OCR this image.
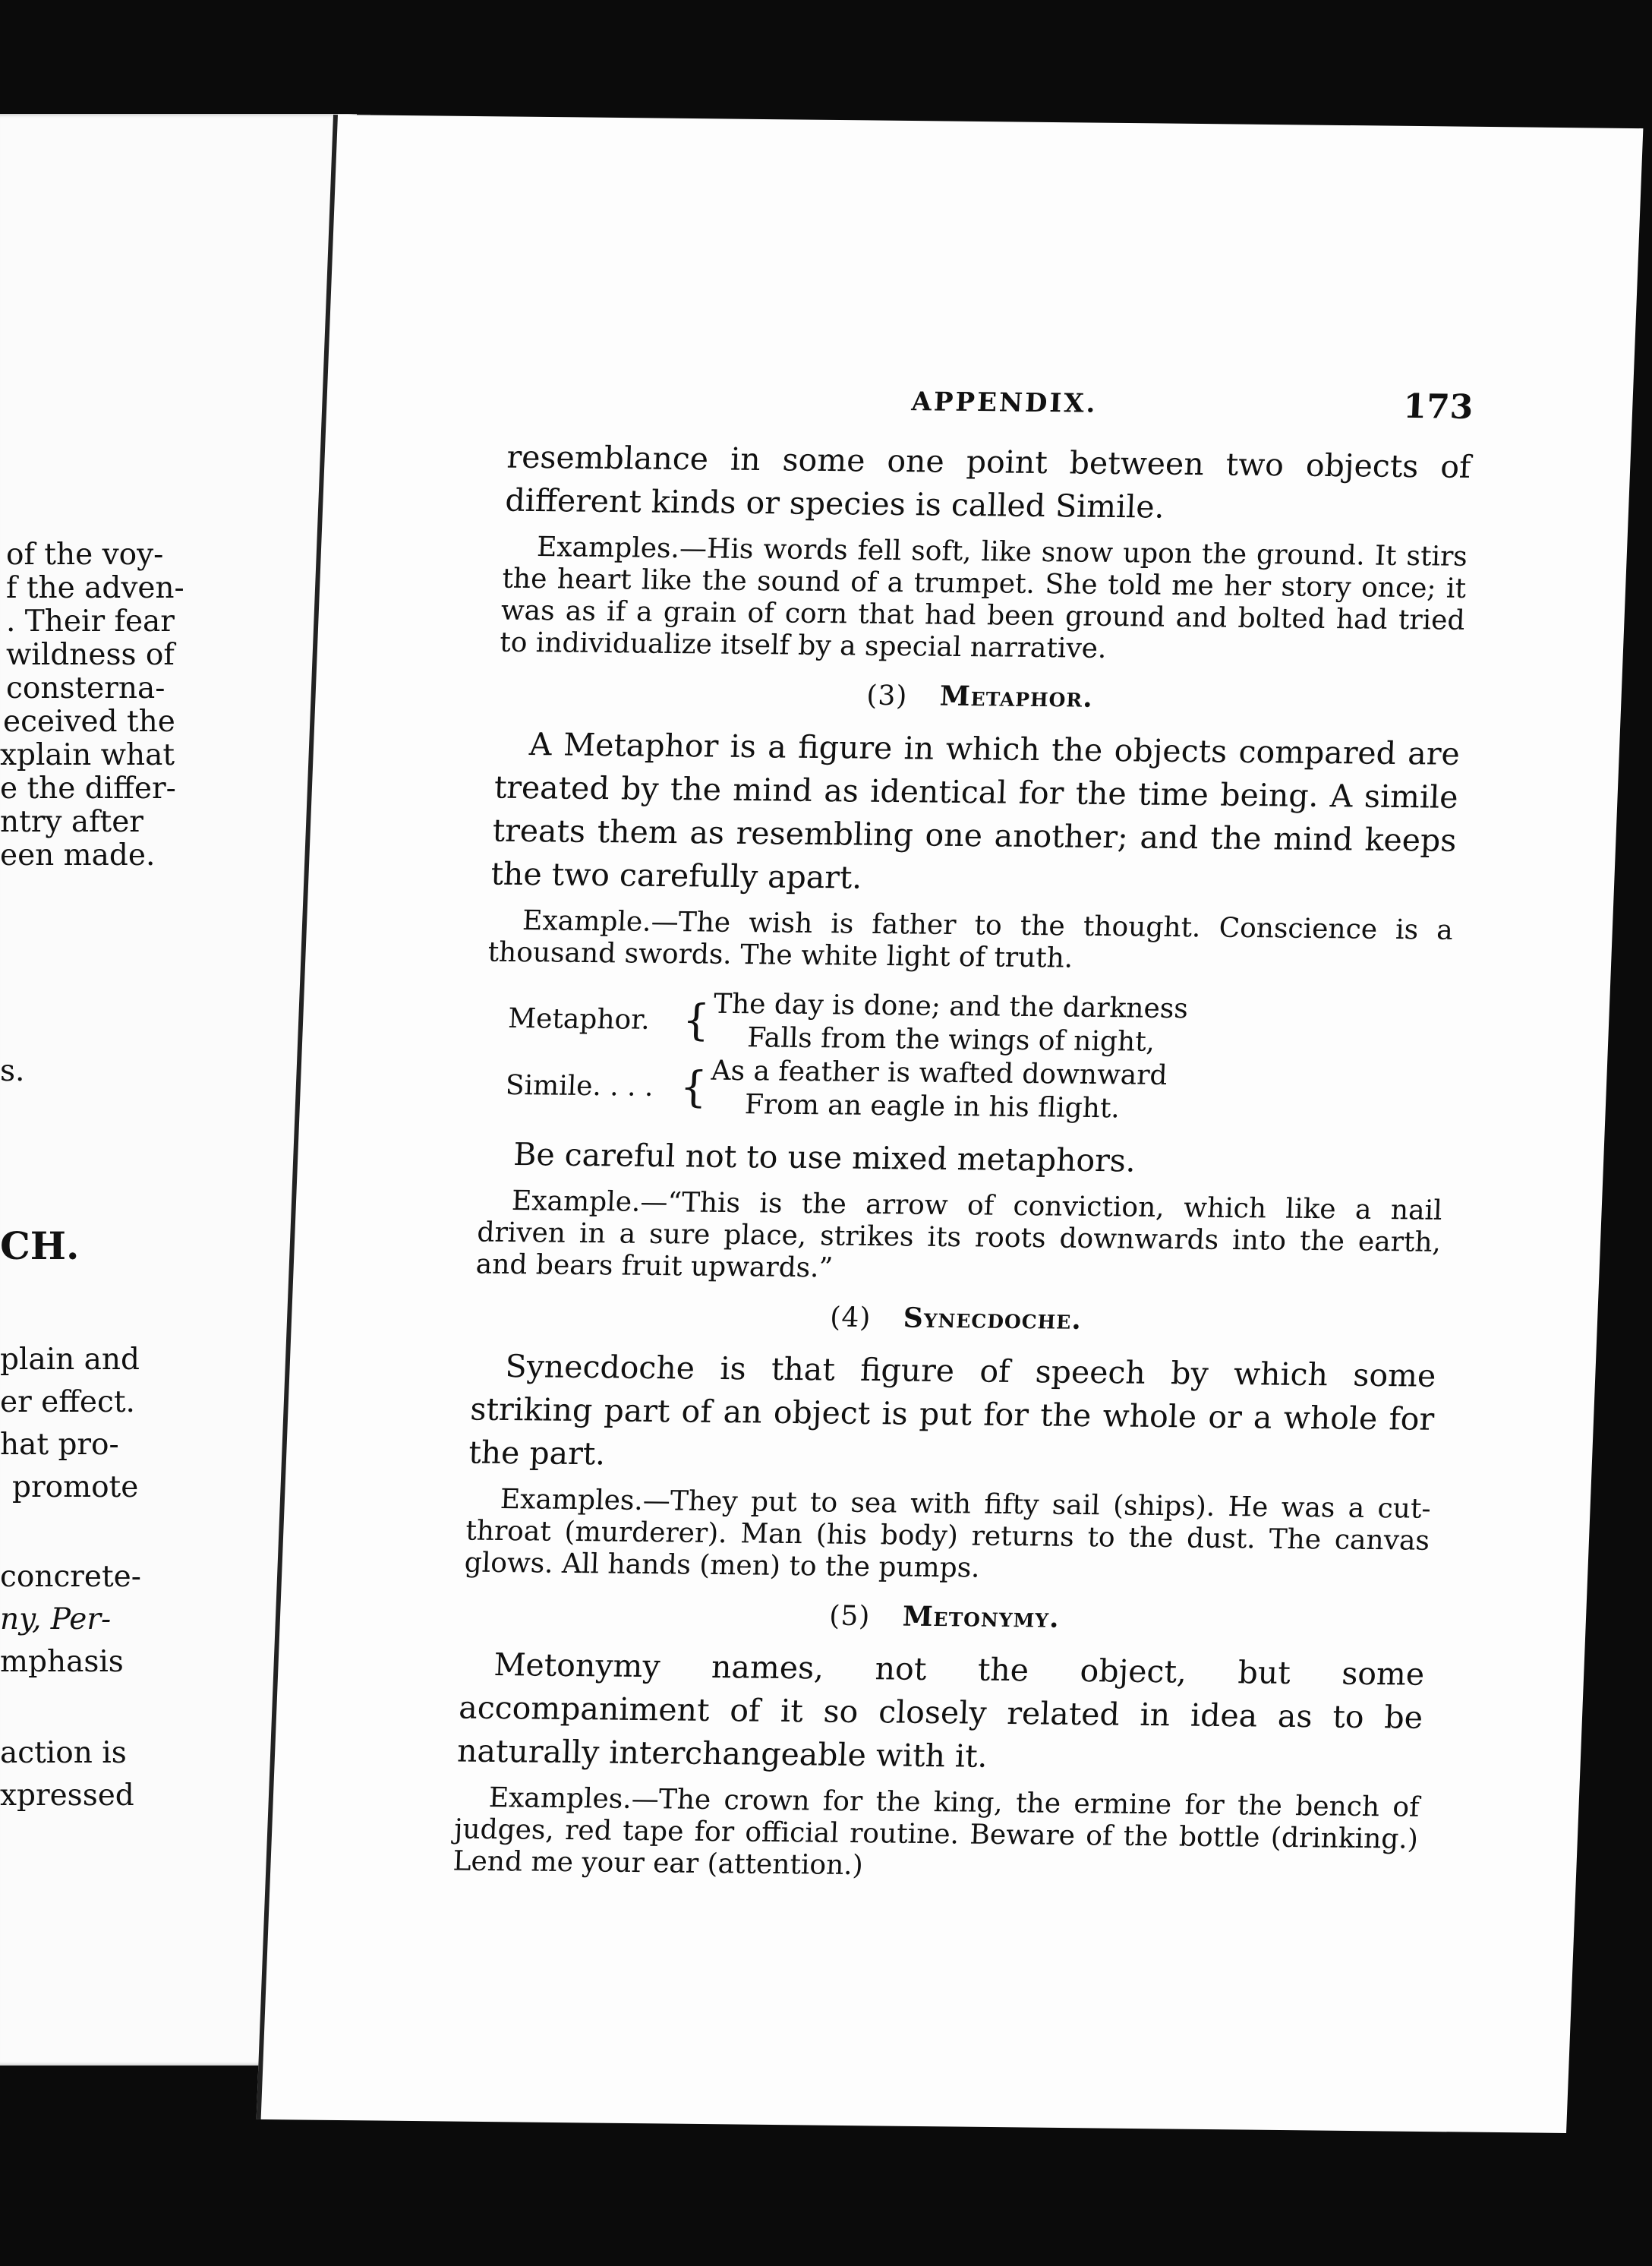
of the voy-
f the adven-
. Their fear
wildness of
consterna-
eceived the
xplain what
e the differ-
ntry after
een made.
s.
CH.
plain and
er effect.
hat pro-
promote
concrete-
ny, Per-
mphasis
action is
xpressed
APPENDIX.	173

resemblance in some one point between two objects of different kinds or species is called Simile.

Examples.—His words fell soft, like snow upon the ground. It stirs the heart like the sound of a trumpet. She told me her story once; it was as if a grain of corn that had been ground and bolted had tried to individualize itself by a special narrative.

(3) Metaphor.

A Metaphor is a figure in which the objects compared are treated by the mind as identical for the time being. A simile treats them as resembling one another; and the mind keeps the two carefully apart.

Example.—The wish is father to the thought. Conscience is a thousand swords. The white light of truth.

Metaphor. { The day is done; and the darkness
Falls from the wings of night,
Simile. . . . { As a feather is wafted downward
From an eagle in his flight.

Be careful not to use mixed metaphors.

Example.—“This is the arrow of conviction, which like a nail driven in a sure place, strikes its roots downwards into the earth, and bears fruit upwards.”

(4) Synecdoche.

Synecdoche is that figure of speech by which some striking part of an object is put for the whole or a whole for the part.

Examples.—They put to sea with fifty sail (ships). He was a cut-throat (murderer). Man (his body) returns to the dust. The canvas glows. All hands (men) to the pumps.

(5) Metonymy.

Metonymy names, not the object, but some accompaniment of it so closely related in idea as to be naturally interchangeable with it.

Examples.—The crown for the king, the ermine for the bench of judges, red tape for official routine. Beware of the bottle (drinking.) Lend me your ear (attention.)
